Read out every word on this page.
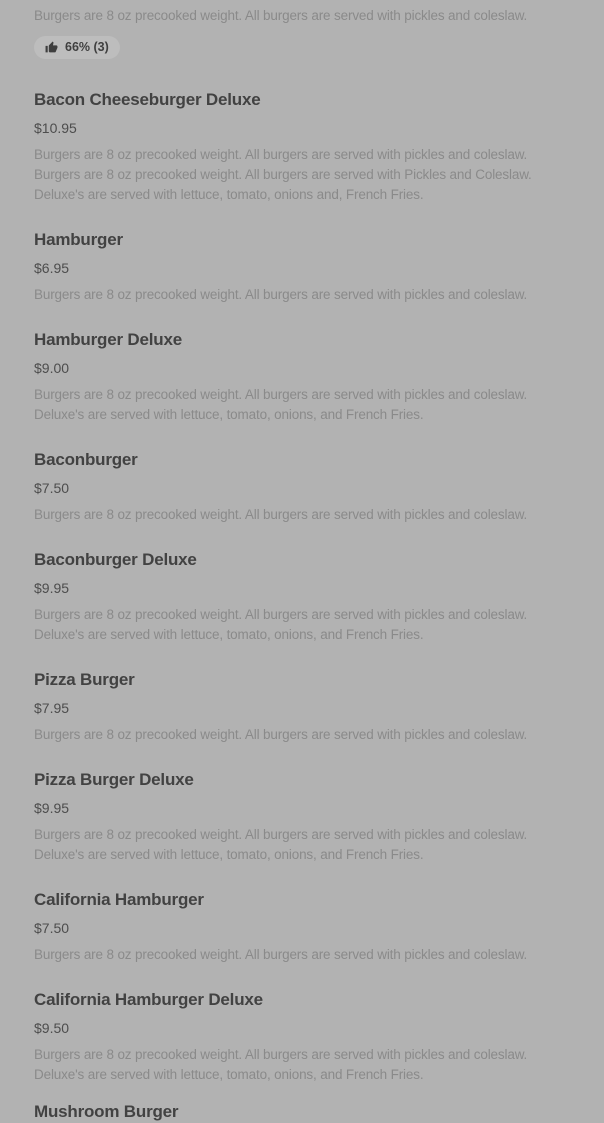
Burgers are 8 oz precooked weight. All burgers are served with pickles and coleslaw.

66% (3)
Bacon Cheeseburger Deluxe
$10.95

Burgers are 8 oz precooked weight. All burgers are served with pickles and coleslaw. Burgers are 8 oz precooked weight. All burgers are served with Pickles and Coleslaw. Deluxe's are served with lettuce, tomato, onions and, French Fries.

Hamburger
$6.95

Burgers are 8 oz precooked weight. All burgers are served with pickles and coleslaw.

Hamburger Deluxe
$9.00

Burgers are 8 oz precooked weight. All burgers are served with pickles and coleslaw. Deluxe's are served with lettuce, tomato, onions, and French Fries.

Baconburger
$7.50

Burgers are 8 oz precooked weight. All burgers are served with pickles and coleslaw.

Baconburger Deluxe
$9.95

Burgers are 8 oz precooked weight. All burgers are served with pickles and coleslaw. Deluxe's are served with lettuce, tomato, onions, and French Fries.

Pizza Burger
$7.95

Burgers are 8 oz precooked weight. All burgers are served with pickles and coleslaw.

Pizza Burger Deluxe
$9.95

Burgers are 8 oz precooked weight. All burgers are served with pickles and coleslaw. Deluxe's are served with lettuce, tomato, onions, and French Fries.

California Hamburger
$7.50

Burgers are 8 oz precooked weight. All burgers are served with pickles and coleslaw.

California Hamburger Deluxe
$9.50

Burgers are 8 oz precooked weight. All burgers are served with pickles and coleslaw. Deluxe's are served with lettuce, tomato, onions, and French Fries.

Mushroom Burger
